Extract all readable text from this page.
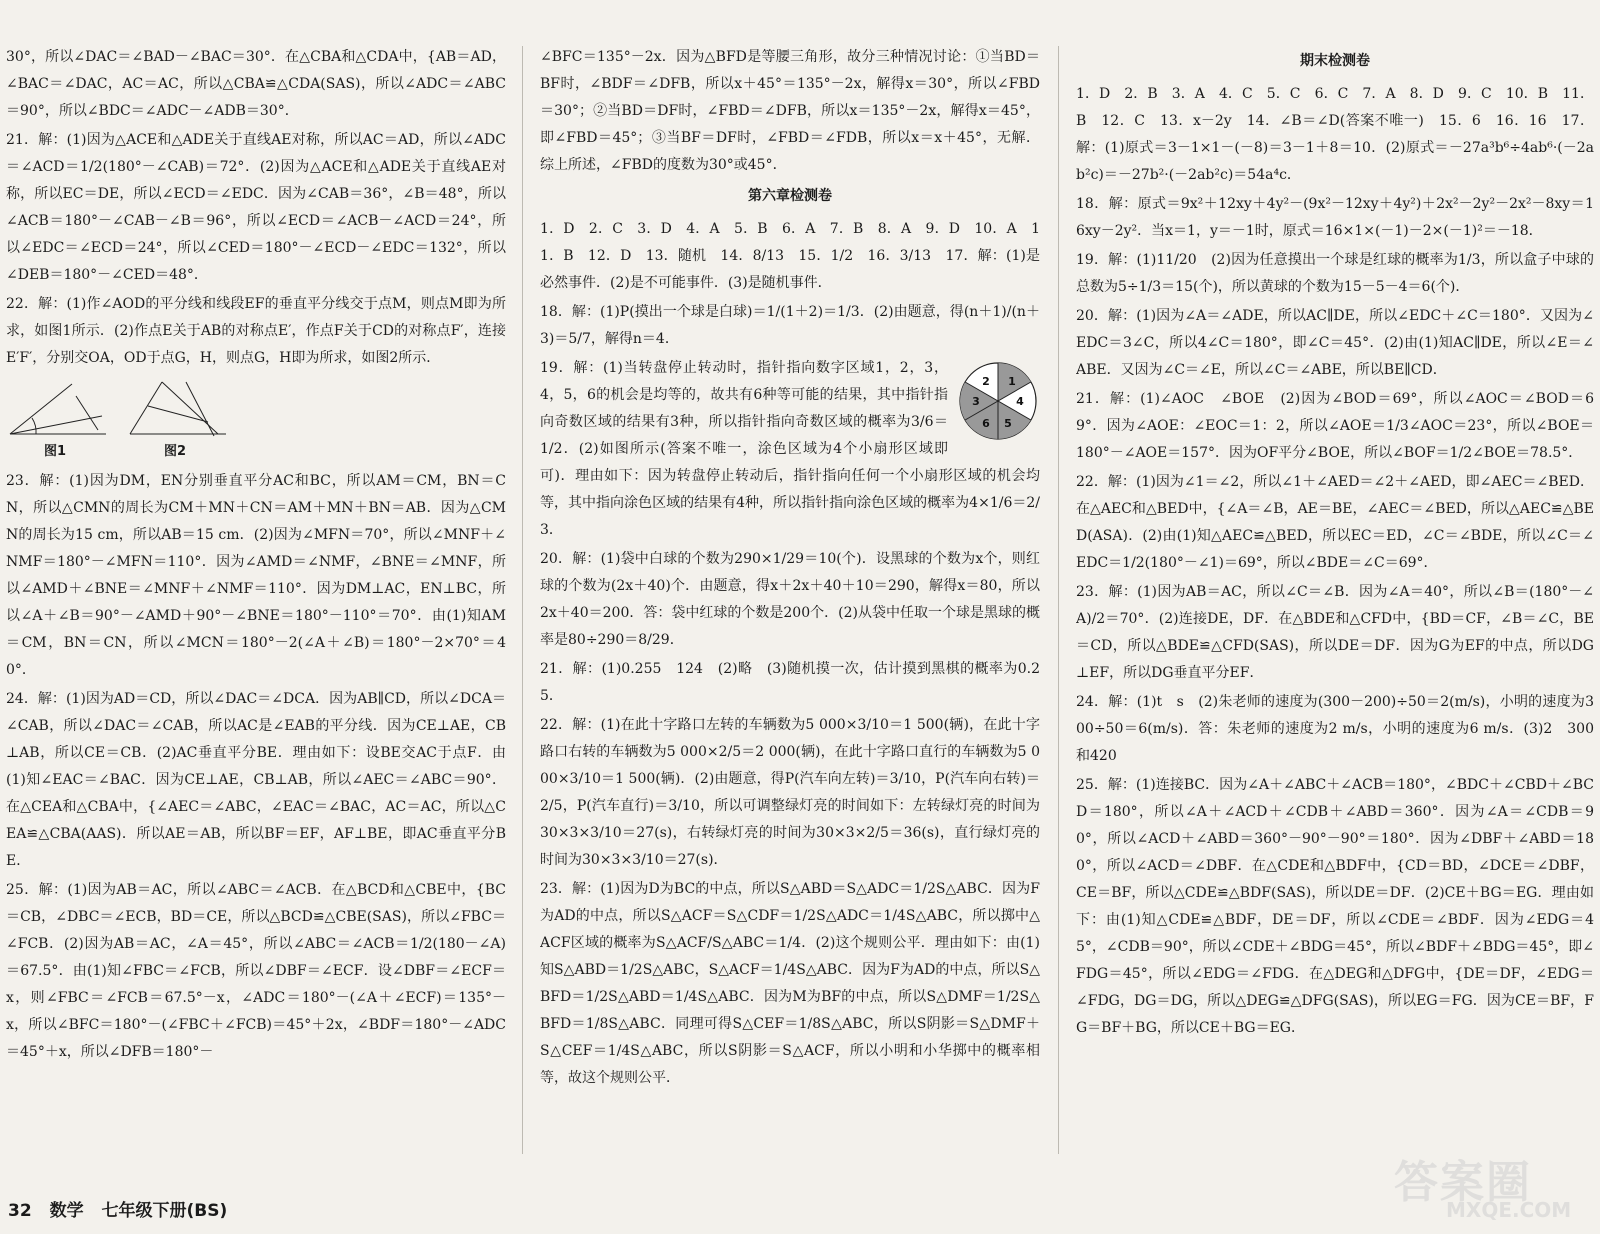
30°，所以∠DAC＝∠BAD－∠BAC＝30°．在△CBA和△CDA中，{AB＝AD，∠BAC＝∠DAC，AC＝AC，所以△CBA≌△CDA(SAS)，所以∠ADC＝∠ABC＝90°，所以∠BDC＝∠ADC－∠ADB＝30°．

21．解：(1)因为△ACE和△ADE关于直线AE对称，所以AC＝AD，所以∠ADC＝∠ACD＝1/2(180°－∠CAB)＝72°．(2)因为△ACE和△ADE关于直线AE对称，所以EC＝DE，所以∠ECD＝∠EDC．因为∠CAB＝36°，∠B＝48°，所以∠ACB＝180°－∠CAB－∠B＝96°，所以∠ECD＝∠ACB－∠ACD＝24°，所以∠EDC＝∠ECD＝24°，所以∠CED＝180°－∠ECD－∠EDC＝132°，所以∠DEB＝180°－∠CED＝48°．

22．解：(1)作∠AOD的平分线和线段EF的垂直平分线交于点M，则点M即为所求，如图1所示．(2)作点E关于AB的对称点E′，作点F关于CD的对称点F′，连接E′F′，分别交OA，OD于点G，H，则点G，H即为所求，如图2所示．

图1	图2

23．解：(1)因为DM，EN分别垂直平分AC和BC，所以AM＝CM，BN＝CN，所以△CMN的周长为CM＋MN＋CN＝AM＋MN＋BN＝AB．因为△CMN的周长为15 cm，所以AB＝15 cm．(2)因为∠MFN＝70°，所以∠MNF＋∠NMF＝180°－∠MFN＝110°．因为∠AMD＝∠NMF，∠BNE＝∠MNF，所以∠AMD＋∠BNE＝∠MNF＋∠NMF＝110°．因为DM⊥AC，EN⊥BC，所以∠A＋∠B＝90°－∠AMD＋90°－∠BNE＝180°－110°＝70°．由(1)知AM＝CM，BN＝CN，所以∠MCN＝180°－2(∠A＋∠B)＝180°－2×70°＝40°．

24．解：(1)因为AD＝CD，所以∠DAC＝∠DCA．因为AB∥CD，所以∠DCA＝∠CAB，所以∠DAC＝∠CAB，所以AC是∠EAB的平分线．因为CE⊥AE，CB⊥AB，所以CE＝CB．(2)AC垂直平分BE．理由如下：设BE交AC于点F．由(1)知∠EAC＝∠BAC．因为CE⊥AE，CB⊥AB，所以∠AEC＝∠ABC＝90°．在△CEA和△CBA中，{∠AEC＝∠ABC，∠EAC＝∠BAC，AC＝AC，所以△CEA≌△CBA(AAS)．所以AE＝AB，所以BF＝EF，AF⊥BE，即AC垂直平分BE．

25．解：(1)因为AB＝AC，所以∠ABC＝∠ACB．在△BCD和△CBE中，{BC＝CB，∠DBC＝∠ECB，BD＝CE，所以△BCD≌△CBE(SAS)，所以∠FBC＝∠FCB．(2)因为AB＝AC，∠A＝45°，所以∠ABC＝∠ACB＝1/2(180－∠A)＝67.5°．由(1)知∠FBC＝∠FCB，所以∠DBF＝∠ECF．设∠DBF＝∠ECF＝x，则∠FBC＝∠FCB＝67.5°－x，∠ADC＝180°－(∠A＋∠ECF)＝135°－x，所以∠BFC＝180°－(∠FBC＋∠FCB)＝45°＋2x，∠BDF＝180°－∠ADC＝45°＋x，所以∠DFB＝180°－

∠BFC＝135°－2x．因为△BFD是等腰三角形，故分三种情况讨论：①当BD＝BF时，∠BDF＝∠DFB，所以x＋45°＝135°－2x，解得x＝30°，所以∠FBD＝30°；②当BD＝DF时，∠FBD＝∠DFB，所以x＝135°－2x，解得x＝45°，即∠FBD＝45°；③当BF＝DF时，∠FBD＝∠FDB，所以x＝x＋45°，无解．综上所述，∠FBD的度数为30°或45°．

第六章检测卷

1．D　2．C　3．D　4．A　5．B　6．A　7．B　8．A　9．D　10．A　11．B　12．D　13．随机　14．8/13　15．1/2　16．3/13　17．解：(1)是必然事件．(2)是不可能事件．(3)是随机事件．

18．解：(1)P(摸出一个球是白球)＝1/(1＋2)＝1/3．(2)由题意，得(n＋1)/(n＋3)＝5/7，解得n＝4．

1
2
3	4
5
6

19．解：(1)当转盘停止转动时，指针指向数字区域1，2，3，4，5，6的机会是均等的，故共有6种等可能的结果，其中指针指向奇数区域的结果有3种，所以指针指向奇数区域的概率为3/6＝1/2．(2)如图所示(答案不唯一，涂色区域为4个小扇形区域即可)．理由如下：因为转盘停止转动后，指针指向任何一个小扇形区域的机会均等，其中指向涂色区域的结果有4种，所以指针指向涂色区域的概率为4×1/6＝2/3．

20．解：(1)袋中白球的个数为290×1/29＝10(个)．设黑球的个数为x个，则红球的个数为(2x＋40)个．由题意，得x＋2x＋40＋10＝290，解得x＝80，所以2x＋40＝200．答：袋中红球的个数是200个．(2)从袋中任取一个球是黑球的概率是80÷290＝8/29．

21．解：(1)0.255　124　(2)略　(3)随机摸一次，估计摸到黑棋的概率为0.25．

22．解：(1)在此十字路口左转的车辆数为5 000×3/10＝1 500(辆)，在此十字路口右转的车辆数为5 000×2/5＝2 000(辆)，在此十字路口直行的车辆数为5 000×3/10＝1 500(辆)．(2)由题意，得P(汽车向左转)＝3/10，P(汽车向右转)＝2/5，P(汽车直行)＝3/10，所以可调整绿灯亮的时间如下：左转绿灯亮的时间为30×3×3/10＝27(s)，右转绿灯亮的时间为30×3×2/5＝36(s)，直行绿灯亮的时间为30×3×3/10＝27(s)．

23．解：(1)因为D为BC的中点，所以S△ABD＝S△ADC＝1/2S△ABC．因为F为AD的中点，所以S△ACF＝S△CDF＝1/2S△ADC＝1/4S△ABC，所以掷中△ACF区域的概率为S△ACF/S△ABC＝1/4．(2)这个规则公平．理由如下：由(1)知S△ABD＝1/2S△ABC，S△ACF＝1/4S△ABC．因为F为AD的中点，所以S△BFD＝1/2S△ABD＝1/4S△ABC．因为M为BF的中点，所以S△DMF＝1/2S△BFD＝1/8S△ABC．同理可得S△CEF＝1/8S△ABC，所以S阴影＝S△DMF＋S△CEF＝1/4S△ABC，所以S阴影＝S△ACF，所以小明和小华掷中的概率相等，故这个规则公平．

期末检测卷

1．D　2．B　3．A　4．C　5．C　6．C　7．A　8．D　9．C　10．B　11．B　12．C　13．x－2y　14．∠B＝∠D(答案不唯一)　15．6　16．16　17．解：(1)原式＝3－1×1－(－8)＝3－1＋8＝10．(2)原式＝－27a³b⁶÷4ab⁶·(－2ab²c)＝－27b²·(－2ab²c)＝54a⁴c．

18．解：原式＝9x²＋12xy＋4y²－(9x²－12xy＋4y²)＋2x²－2y²－2x²－8xy＝16xy－2y²．当x＝1，y＝－1时，原式＝16×1×(－1)－2×(－1)²＝－18．

19．解：(1)11/20　(2)因为任意摸出一个球是红球的概率为1/3，所以盒子中球的总数为5÷1/3＝15(个)，所以黄球的个数为15－5－4＝6(个)．

20．解：(1)因为∠A＝∠ADE，所以AC∥DE，所以∠EDC＋∠C＝180°．又因为∠EDC＝3∠C，所以4∠C＝180°，即∠C＝45°．(2)由(1)知AC∥DE，所以∠E＝∠ABE．又因为∠C＝∠E，所以∠C＝∠ABE，所以BE∥CD．

21．解：(1)∠AOC　∠BOE　(2)因为∠BOD＝69°，所以∠AOC＝∠BOD＝69°．因为∠AOE：∠EOC＝1：2，所以∠AOE＝1/3∠AOC＝23°，所以∠BOE＝180°－∠AOE＝157°．因为OF平分∠BOE，所以∠BOF＝1/2∠BOE＝78.5°．

22．解：(1)因为∠1＝∠2，所以∠1＋∠AED＝∠2＋∠AED，即∠AEC＝∠BED．在△AEC和△BED中，{∠A＝∠B，AE＝BE，∠AEC＝∠BED，所以△AEC≌△BED(ASA)．(2)由(1)知△AEC≌△BED，所以EC＝ED，∠C＝∠BDE，所以∠C＝∠EDC＝1/2(180°－∠1)＝69°，所以∠BDE＝∠C＝69°．

23．解：(1)因为AB＝AC，所以∠C＝∠B．因为∠A＝40°，所以∠B＝(180°－∠A)/2＝70°．(2)连接DE，DF．在△BDE和△CFD中，{BD＝CF，∠B＝∠C，BE＝CD，所以△BDE≌△CFD(SAS)，所以DE＝DF．因为G为EF的中点，所以DG⊥EF，所以DG垂直平分EF．

24．解：(1)t　s　(2)朱老师的速度为(300－200)÷50＝2(m/s)，小明的速度为300÷50＝6(m/s)．答：朱老师的速度为2 m/s，小明的速度为6 m/s．(3)2　300和420

25．解：(1)连接BC．因为∠A＋∠ABC＋∠ACB＝180°，∠BDC＋∠CBD＋∠BCD＝180°，所以∠A＋∠ACD＋∠CDB＋∠ABD＝360°．因为∠A＝∠CDB＝90°，所以∠ACD＋∠ABD＝360°－90°－90°＝180°．因为∠DBF＋∠ABD＝180°，所以∠ACD＝∠DBF．在△CDE和△BDF中，{CD＝BD，∠DCE＝∠DBF，CE＝BF，所以△CDE≌△BDF(SAS)，所以DE＝DF．(2)CE＋BG＝EG．理由如下：由(1)知△CDE≌△BDF，DE＝DF，所以∠CDE＝∠BDF．因为∠EDG＝45°，∠CDB＝90°，所以∠CDE＋∠BDG＝45°，所以∠BDF＋∠BDG＝45°，即∠FDG＝45°，所以∠EDG＝∠FDG．在△DEG和△DFG中，{DE＝DF，∠EDG＝∠FDG，DG＝DG，所以△DEG≌△DFG(SAS)，所以EG＝FG．因为CE＝BF，FG＝BF＋BG，所以CE＋BG＝EG．

32 数学 七年级下册(BS)
答案圈
MXQE.COM
